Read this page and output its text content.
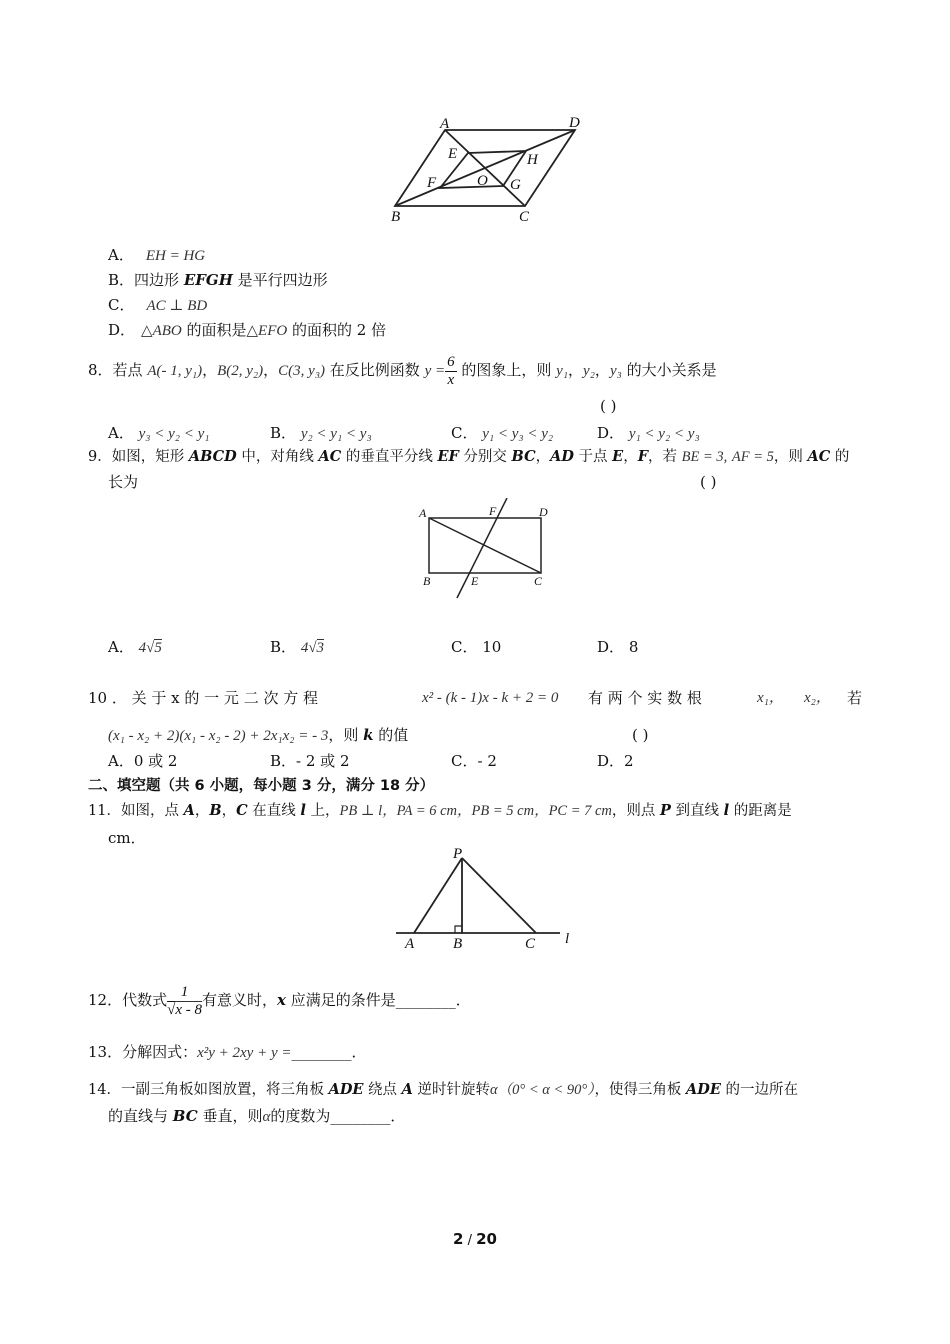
A	D
E	H
F	O G
B	C
A． EH = HG
B．四边形 EFGH 是平行四边形
C． AC ⊥ BD
D． △ABO 的面积是△EFO 的面积的 2 倍
8．若点 A(- 1, y₁)，B(2, y₂)，C(3, y₃) 在反比例函数 $y = \frac{6}{x}$ 的图象上，则 y₁，y₂，y₃ 的大小关系是
( )
A． y₃ < y₂ < y₁	B． y₂ < y₁ < y₃	C． y₁ < y₃ < y₂	D． y₁ < y₂ < y₃
9．如图，矩形 ABCD 中，对角线 AC 的垂直平分线 EF 分别交 BC，AD 于点 E，F，若 BE = 3, AF = 5，则 AC 的
长为	( )
A	F	D
B	E	C
A． 4√5	B． 4√3	C． 10	D． 8
10 ． 关 于 x 的 一 元 二 次 方 程	x² - (k - 1)x - k + 2 = 0 有 两 个 实 数 根	x₁， x₂， 若
(x₁ - x₂ + 2)(x₁ - x₂ - 2) + 2x₁x₂ = - 3，则 k 的值	( )
A．0 或 2	B．- 2 或 2	C．- 2	D．2
二、填空题（共 6 小题，每小题 3 分，满分 18 分）
11．如图，点 A，B，C 在直线 l 上，PB ⊥ l，PA = 6 cm，PB = 5 cm，PC = 7 cm，则点 P 到直线 l 的距离是
cm．
P
A	B	C l
12．代数式 $\frac{1}{√x - 8}$ 有意义时，x 应满足的条件是________．
13．分解因式：x²y + 2xy + y =________．
14．一副三角板如图放置，将三角板 ADE 绕点 A 逆时针旋转α（0° < α < 90°），使得三角板 ADE 的一边所在
的直线与 BC 垂直，则α的度数为________．
2 / 20
